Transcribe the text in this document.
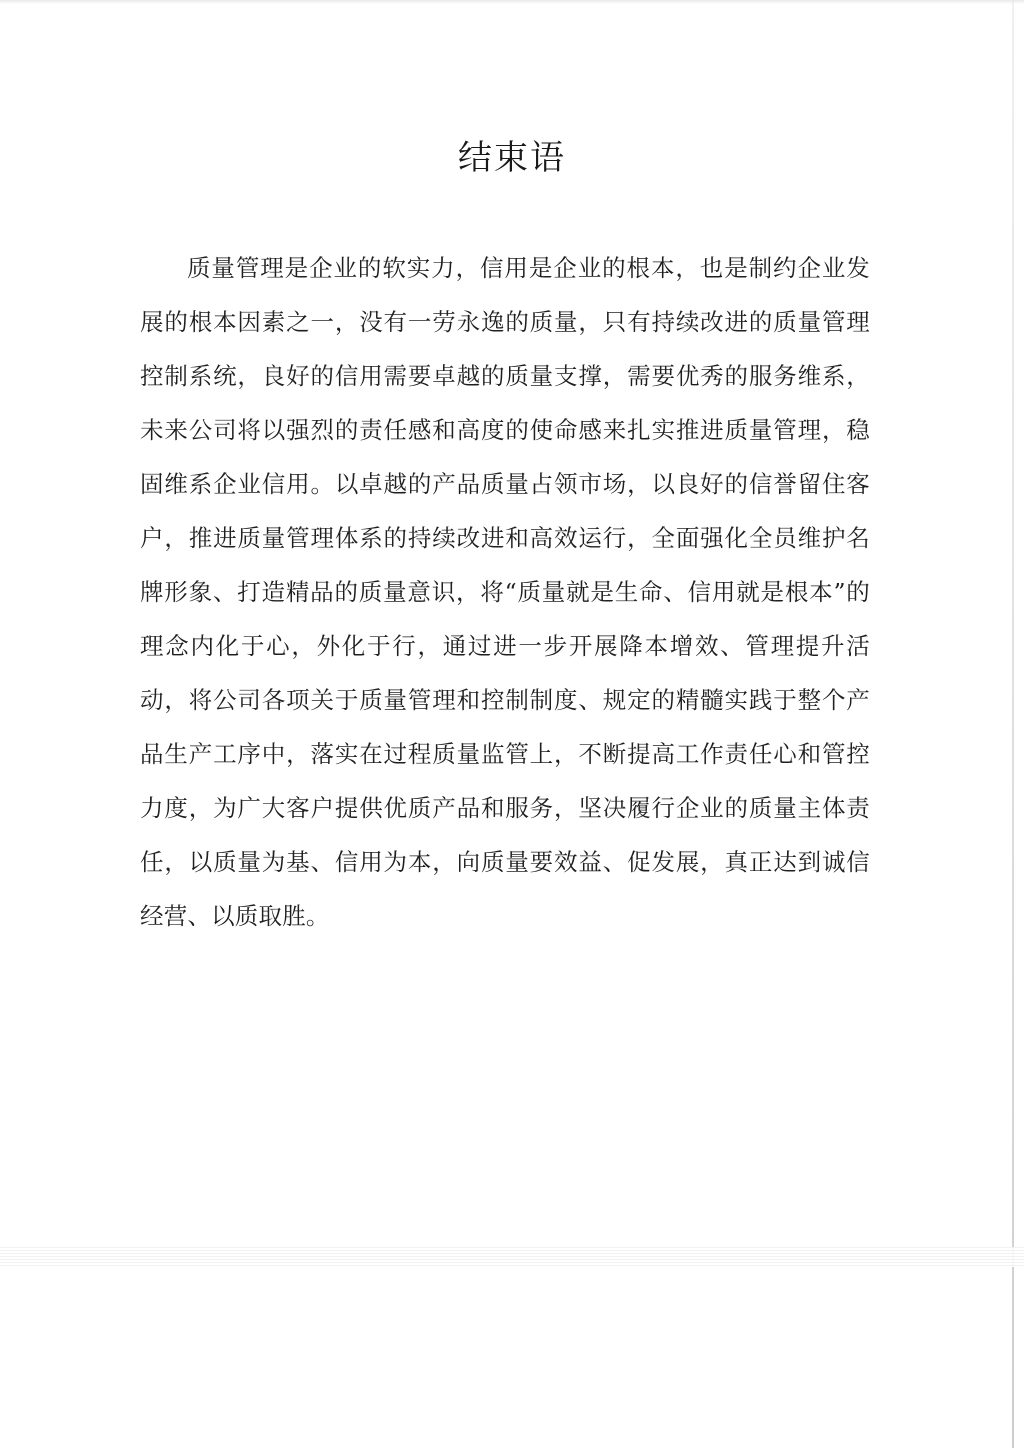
结束语

质量管理是企业的软实力，信用是企业的根本，也是制约企业发展的根本因素之一，没有一劳永逸的质量，只有持续改进的质量管理控制系统，良好的信用需要卓越的质量支撑，需要优秀的服务维系，未来公司将以强烈的责任感和高度的使命感来扎实推进质量管理，稳固维系企业信用。以卓越的产品质量占领市场，以良好的信誉留住客户，推进质量管理体系的持续改进和高效运行，全面强化全员维护名牌形象、打造精品的质量意识，将“质量就是生命、信用就是根本”的理念内化于心，外化于行，通过进一步开展降本增效、管理提升活动，将公司各项关于质量管理和控制制度、规定的精髓实践于整个产品生产工序中，落实在过程质量监管上，不断提高工作责任心和管控力度，为广大客户提供优质产品和服务，坚决履行企业的质量主体责任，以质量为基、信用为本，向质量要效益、促发展，真正达到诚信经营、以质取胜。
